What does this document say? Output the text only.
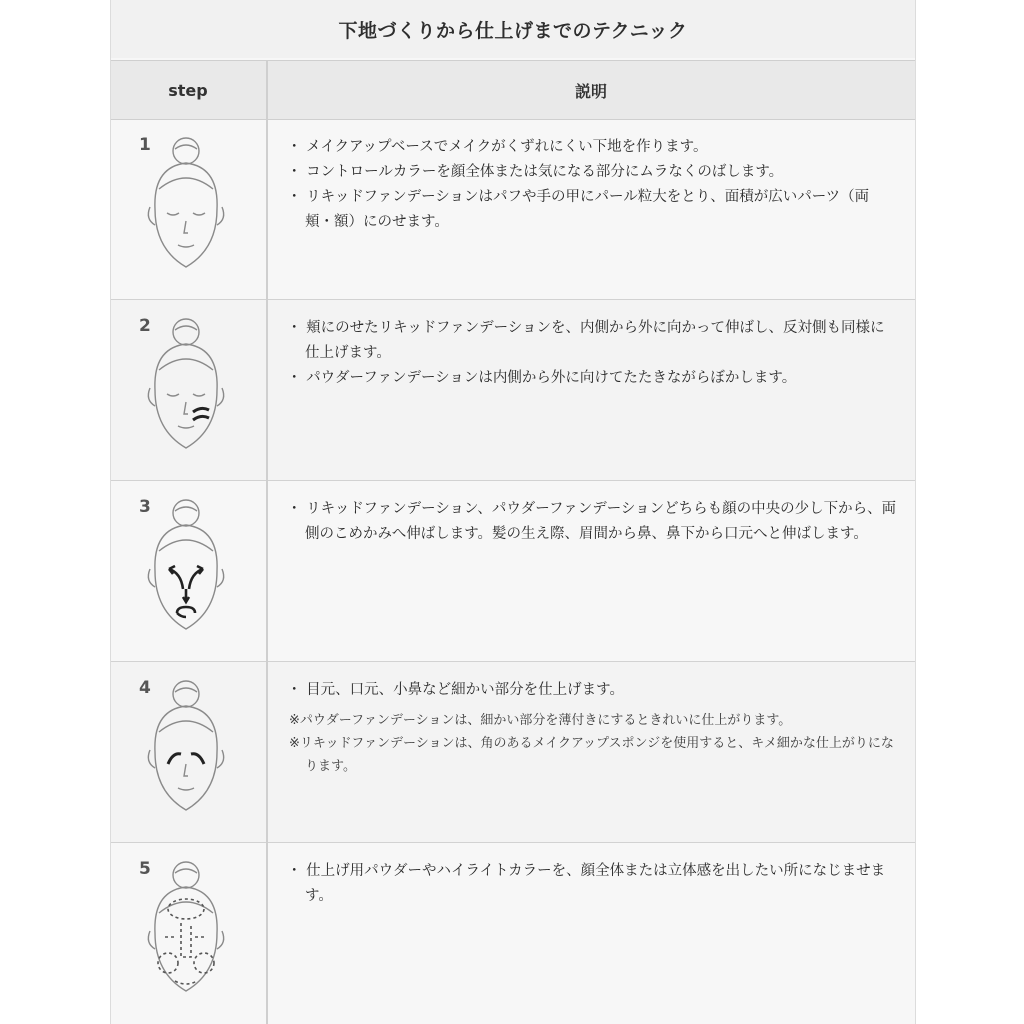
下地づくりから仕上げまでのテクニック
step	説明
1	・ メイクアップベースでメイクがくずれにくい下地を作ります。

・ コントロールカラーを顔全体または気になる部分にムラなくのばします。

・ リキッドファンデーションはパフや手の甲にパール粒大をとり、面積が広いパーツ（両頬・額）にのせます。

2	・ 頬にのせたリキッドファンデーションを、内側から外に向かって伸ばし、反対側も同様に仕上げます。

・ パウダーファンデーションは内側から外に向けてたたきながらぼかします。

3	・ リキッドファンデーション、パウダーファンデーションどちらも顔の中央の少し下から、両側のこめかみへ伸ばします。髪の生え際、眉間から鼻、鼻下から口元へと伸ばします。

4	・ 目元、口元、小鼻など細かい部分を仕上げます。

※パウダーファンデーションは、細かい部分を薄付きにするときれいに仕上がります。

※リキッドファンデーションは、角のあるメイクアップスポンジを使用すると、キメ細かな仕上がりになります。

5	・ 仕上げ用パウダーやハイライトカラーを、顔全体または立体感を出したい所になじませます。
